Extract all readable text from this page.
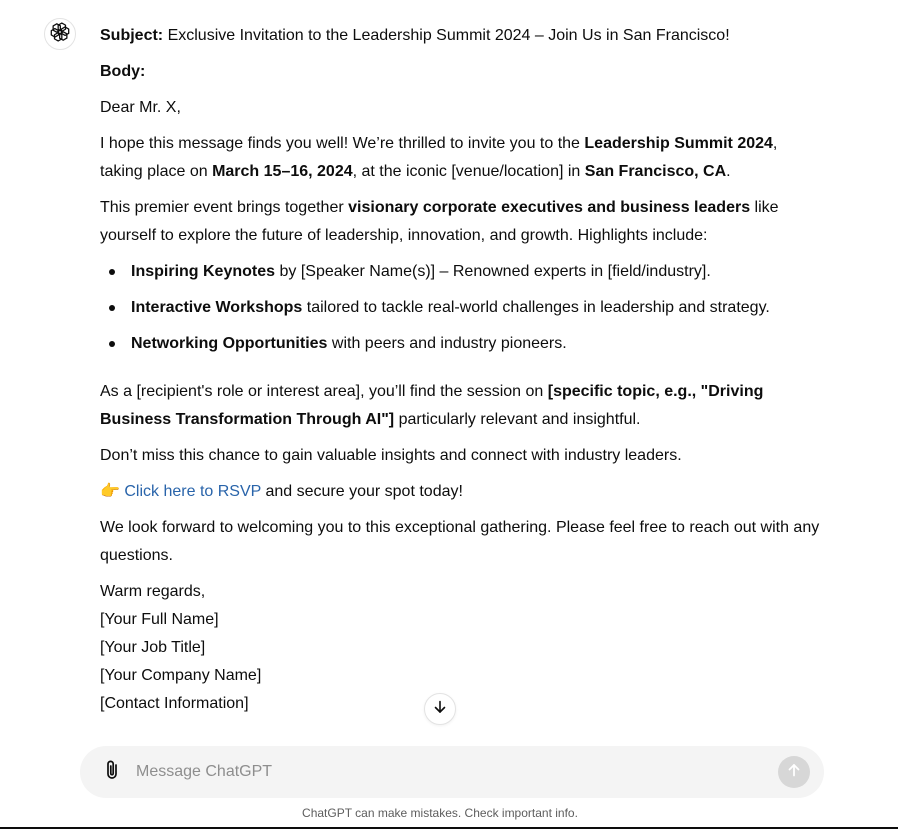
Subject: Exclusive Invitation to the Leadership Summit 2024 – Join Us in San Francisco!

Body:

Dear Mr. X,

I hope this message finds you well! We’re thrilled to invite you to the Leadership Summit 2024, taking place on March 15–16, 2024, at the iconic [venue/location] in San Francisco, CA.

This premier event brings together visionary corporate executives and business leaders like yourself to explore the future of leadership, innovation, and growth. Highlights include:

Inspiring Keynotes by [Speaker Name(s)] – Renowned experts in [field/industry].
Interactive Workshops tailored to tackle real-world challenges in leadership and strategy.
Networking Opportunities with peers and industry pioneers.

As a [recipient's role or interest area], you’ll find the session on [specific topic, e.g., "Driving Business Transformation Through AI"] particularly relevant and insightful.

Don’t miss this chance to gain valuable insights and connect with industry leaders.

👉 Click here to RSVP and secure your spot today!

We look forward to welcoming you to this exceptional gathering. Please feel free to reach out with any questions.

Warm regards,
[Your Full Name]
[Your Job Title]
[Your Company Name]
[Contact Information]

Message ChatGPT
ChatGPT can make mistakes. Check important info.
